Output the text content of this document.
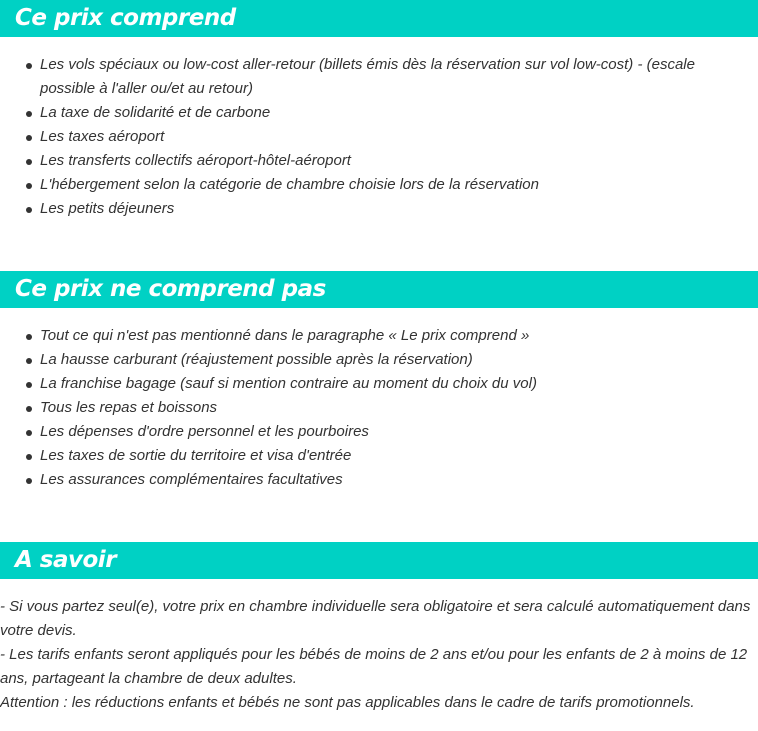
Ce prix comprend
Les vols spéciaux ou low-cost aller-retour (billets émis dès la réservation sur vol low-cost) - (escale possible à l'aller ou/et au retour)
La taxe de solidarité et de carbone
Les taxes aéroport
Les transferts collectifs aéroport-hôtel-aéroport
L'hébergement selon la catégorie de chambre choisie lors de la réservation
Les petits déjeuners
Ce prix ne comprend pas
Tout ce qui n'est pas mentionné dans le paragraphe « Le prix comprend »
La hausse carburant (réajustement possible après la réservation)
La franchise bagage (sauf si mention contraire au moment du choix du vol)
Tous les repas et boissons
Les dépenses d'ordre personnel et les pourboires
Les taxes de sortie du territoire et visa d'entrée
Les assurances complémentaires facultatives
A savoir

- Si vous partez seul(e), votre prix en chambre individuelle sera obligatoire et sera calculé automatiquement dans votre devis.

- Les tarifs enfants seront appliqués pour les bébés de moins de 2 ans et/ou pour les enfants de 2 à moins de 12 ans, partageant la chambre de deux adultes.

Attention : les réductions enfants et bébés ne sont pas applicables dans le cadre de tarifs promotionnels.
